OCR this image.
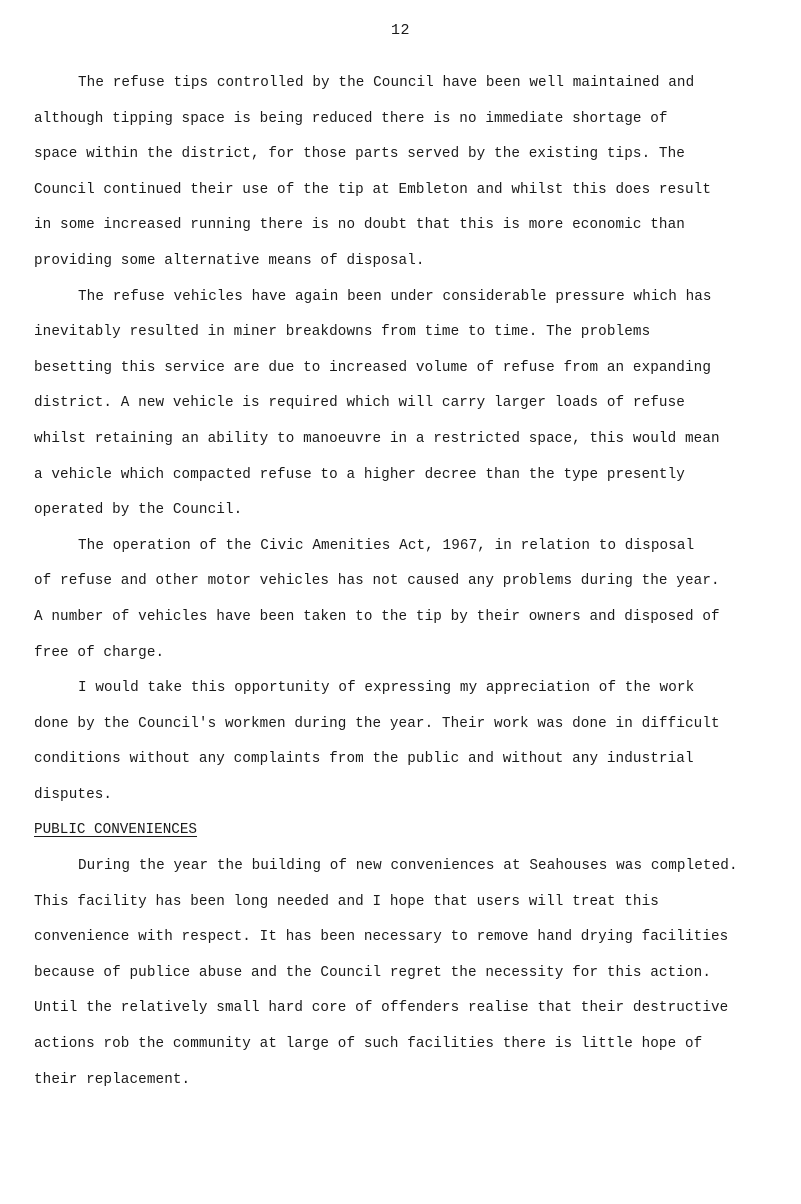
12

The refuse tips controlled by the Council have been well maintained and

although tipping space is being reduced there is no immediate shortage of

space within the district, for those parts served by the existing tips. The

Council continued their use of the tip at Embleton and whilst this does result

in some increased running there is no doubt that this is more economic than

providing some alternative means of disposal.

The refuse vehicles have again been under considerable pressure which has

inevitably resulted in miner breakdowns from time to time. The problems

besetting this service are due to increased volume of refuse from an expanding

district. A new vehicle is required which will carry larger loads of refuse

whilst retaining an ability to manoeuvre in a restricted space, this would mean

a vehicle which compacted refuse to a higher decree than the type presently

operated by the Council.

The operation of the Civic Amenities Act, 1967, in relation to disposal

of refuse and other motor vehicles has not caused any problems during the year.

A number of vehicles have been taken to the tip by their owners and disposed of

free of charge.

I would take this opportunity of expressing my appreciation of the work

done by the Council's workmen during the year. Their work was done in difficult

conditions without any complaints from the public and without any industrial

disputes.

PUBLIC CONVENIENCES

During the year the building of new conveniences at Seahouses was completed.

This facility has been long needed and I hope that users will treat this

convenience with respect. It has been necessary to remove hand drying facilities

because of publice abuse and the Council regret the necessity for this action.

Until the relatively small hard core of offenders realise that their destructive

actions rob the community at large of such facilities there is little hope of

their replacement.
